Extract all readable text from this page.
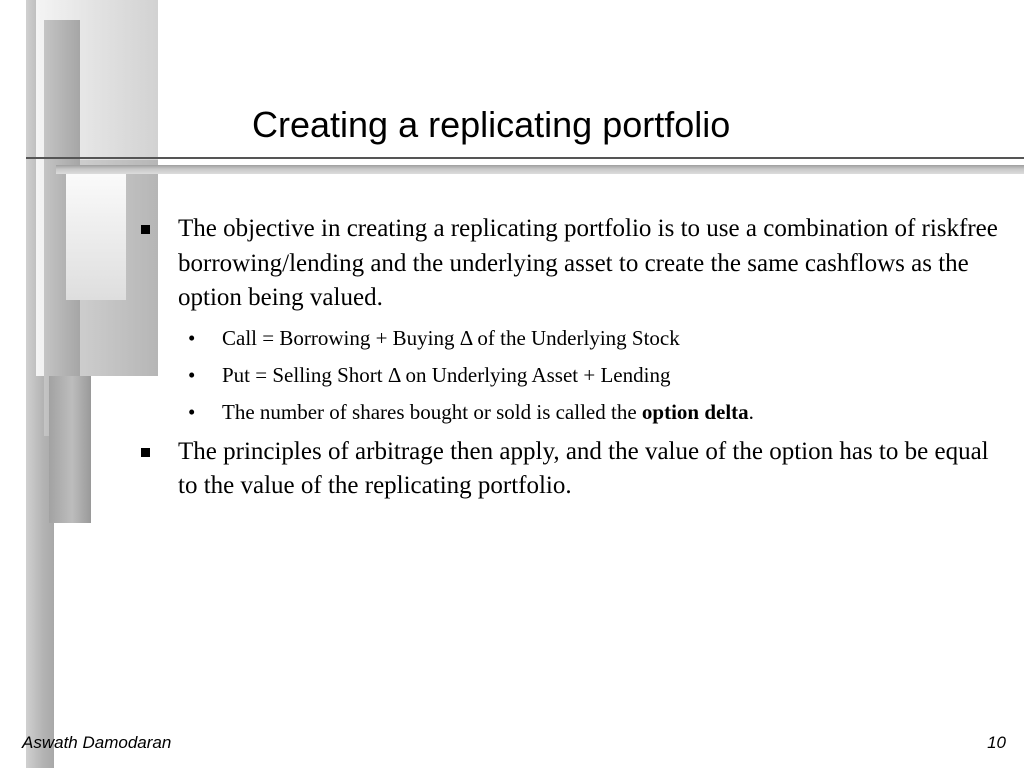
Creating a replicating portfolio
The objective in creating a replicating portfolio is to use a combination of riskfree borrowing/lending and the underlying asset to create the same cashflows as the option being valued.
• Call = Borrowing + Buying Δ of the Underlying Stock
• Put = Selling Short Δ on Underlying Asset + Lending
• The number of shares bought or sold is called the option delta.
The principles of arbitrage then apply, and the value of the option has to be equal to the value of the replicating portfolio.
Aswath Damodaran	10
